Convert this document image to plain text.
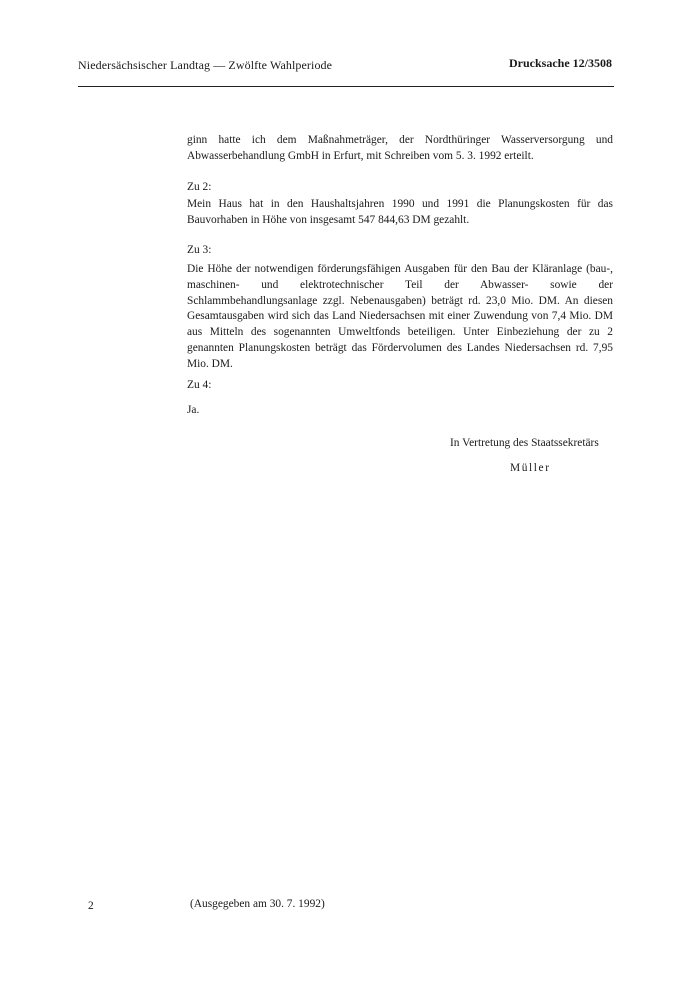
Niedersächsischer Landtag — Zwölfte Wahlperiode	Drucksache 12/3508
ginn hatte ich dem Maßnahmeträger, der Nordthüringer Wasserversorgung und Abwasserbehandlung GmbH in Erfurt, mit Schreiben vom 5. 3. 1992 erteilt.
Zu 2:
Mein Haus hat in den Haushaltsjahren 1990 und 1991 die Planungskosten für das Bauvorhaben in Höhe von insgesamt 547 844,63 DM gezahlt.
Zu 3:
Die Höhe der notwendigen förderungsfähigen Ausgaben für den Bau der Kläranlage (bau-, maschinen- und elektrotechnischer Teil der Abwasser- sowie der Schlammbehandlungsanlage zzgl. Nebenausgaben) beträgt rd. 23,0 Mio. DM. An diesen Gesamtausgaben wird sich das Land Niedersachsen mit einer Zuwendung von 7,4 Mio. DM aus Mitteln des sogenannten Umweltfonds beteiligen. Unter Einbeziehung der zu 2 genannten Planungskosten beträgt das Fördervolumen des Landes Niedersachsen rd. 7,95 Mio. DM.
Zu 4:
Ja.
In Vertretung des Staatssekretärs
Müller
2	(Ausgegeben am 30. 7. 1992)
